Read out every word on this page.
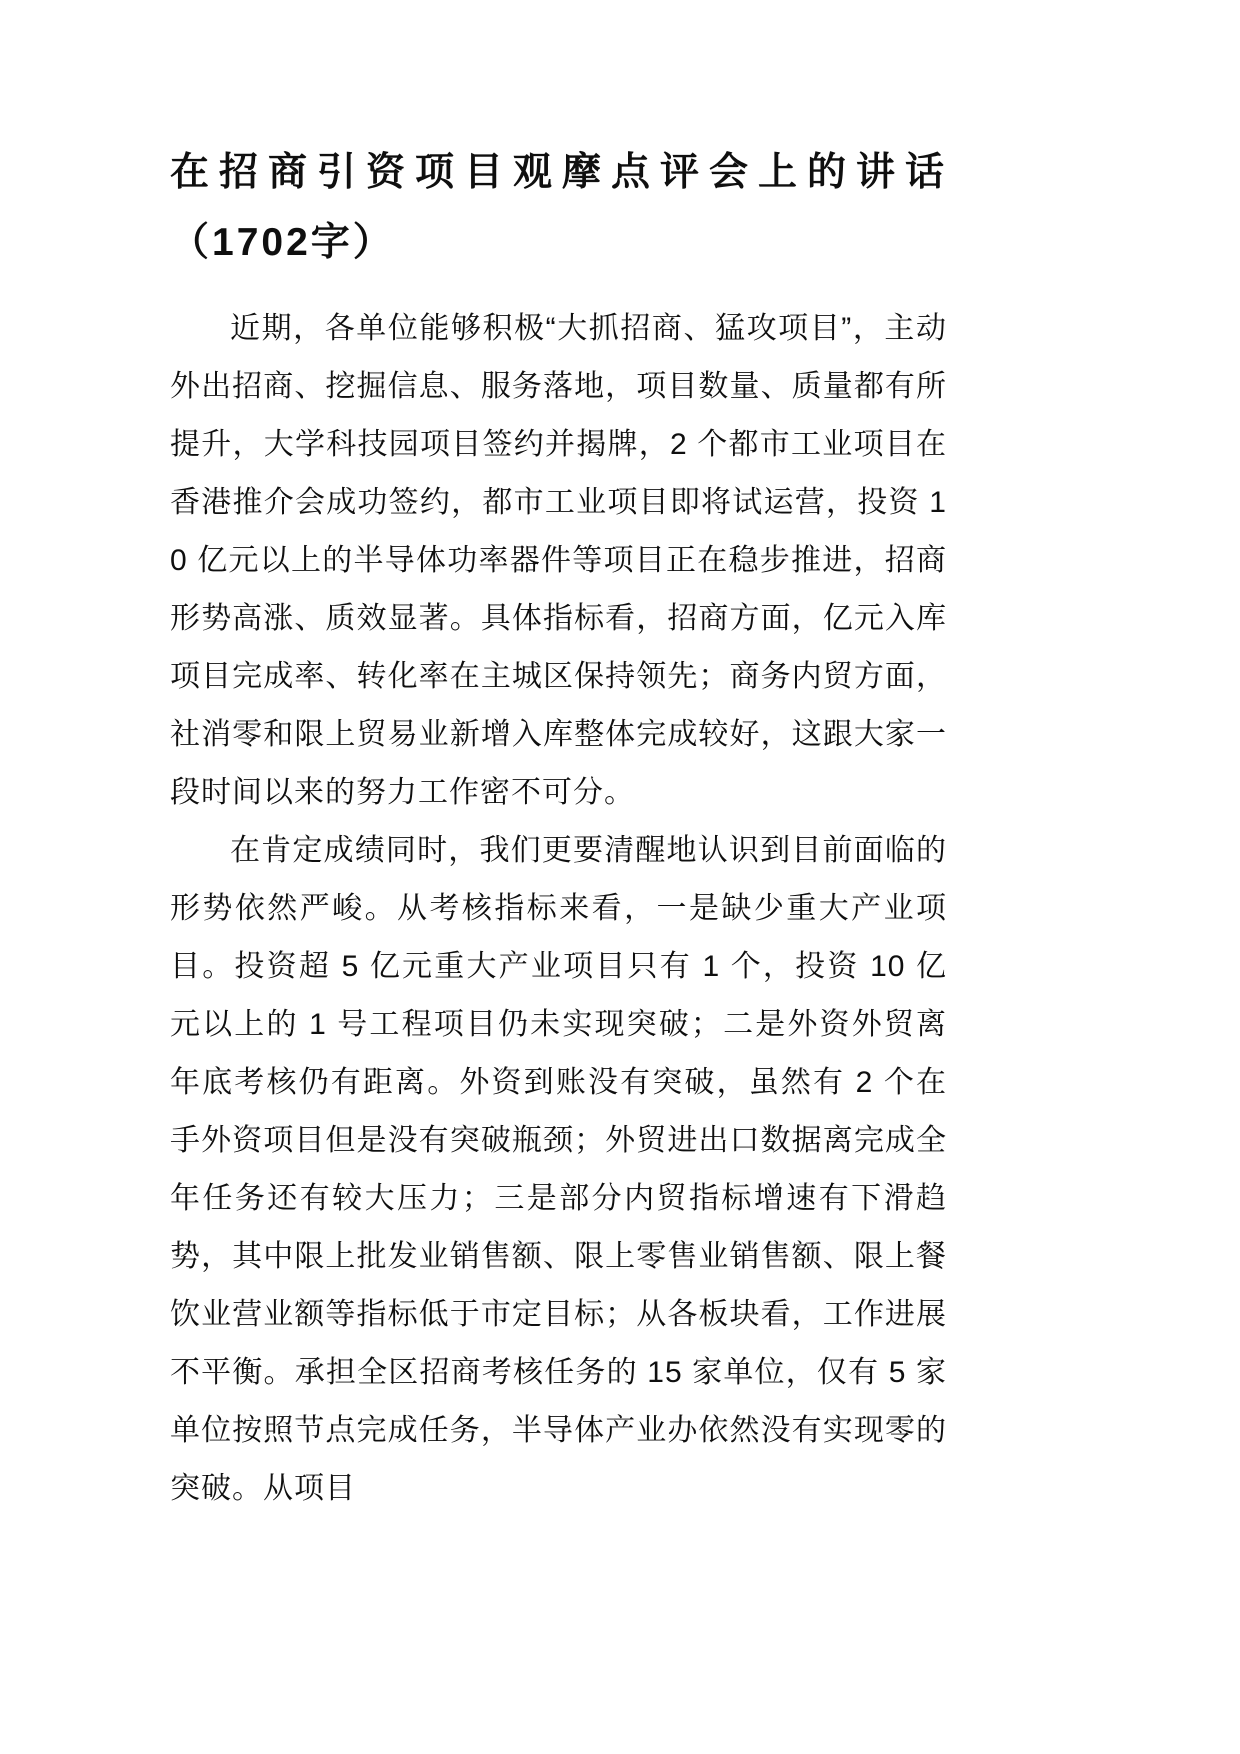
在招商引资项目观摩点评会上的讲话（1702字）

近期，各单位能够积极“大抓招商、猛攻项目”，主动外出招商、挖掘信息、服务落地，项目数量、质量都有所提升，大学科技园项目签约并揭牌，2 个都市工业项目在香港推介会成功签约，都市工业项目即将试运营，投资 10 亿元以上的半导体功率器件等项目正在稳步推进，招商形势高涨、质效显著。具体指标看，招商方面，亿元入库项目完成率、转化率在主城区保持领先；商务内贸方面，社消零和限上贸易业新增入库整体完成较好，这跟大家一段时间以来的努力工作密不可分。

在肯定成绩同时，我们更要清醒地认识到目前面临的形势依然严峻。从考核指标来看，一是缺少重大产业项目。投资超 5 亿元重大产业项目只有 1 个，投资 10 亿元以上的 1 号工程项目仍未实现突破；二是外资外贸离年底考核仍有距离。外资到账没有突破，虽然有 2 个在手外资项目但是没有突破瓶颈；外贸进出口数据离完成全年任务还有较大压力；三是部分内贸指标增速有下滑趋势，其中限上批发业销售额、限上零售业销售额、限上餐饮业营业额等指标低于市定目标；从各板块看，工作进展不平衡。承担全区招商考核任务的 15 家单位，仅有 5 家单位按照节点完成任务，半导体产业办依然没有实现零的突破。从项目
